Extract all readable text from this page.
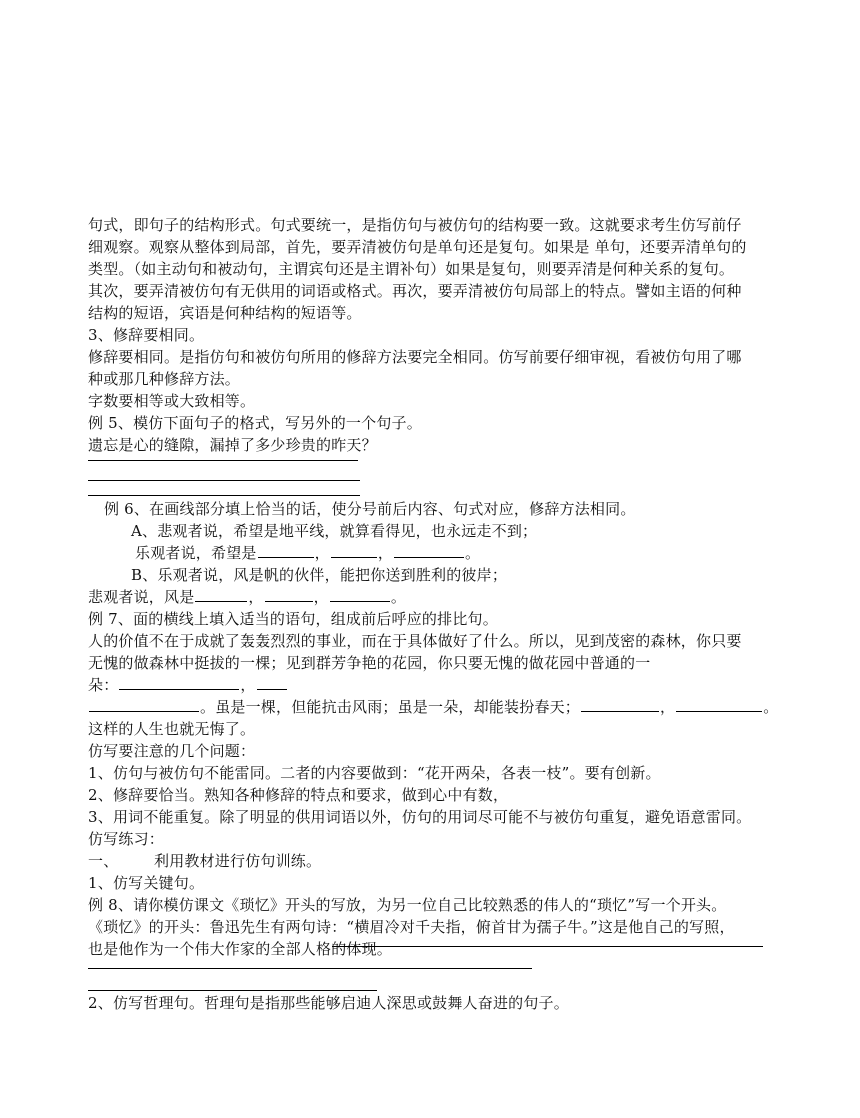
句式，即句子的结构形式。句式要统一，是指仿句与被仿句的结构要一致。这就要求考生仿写前仔
细观察。观察从整体到局部，首先，要弄清被仿句是单句还是复句。如果是 单句，还要弄清单句的
类型。（如主动句和被动句，主谓宾句还是主谓补句）如果是复句，则要弄清是何种关系的复句。
其次，要弄清被仿句有无供用的词语或格式。再次，要弄清被仿句局部上的特点。譬如主语的何种
结构的短语，宾语是何种结构的短语等。
3、修辞要相同。
修辞要相同。是指仿句和被仿句所用的修辞方法要完全相同。仿写前要仔细审视，看被仿句用了哪
种或那几种修辞方法。
字数要相等或大致相等。
例 5、模仿下面句子的格式，写另外的一个句子。
遗忘是心的缝隙，漏掉了多少珍贵的昨天？
例 6、在画线部分填上恰当的话，使分号前后内容、句式对应，修辞方法相同。
A、悲观者说，希望是地平线，就算看得见，也永远走不到；
乐观者说，希望是	，	，	。
B、乐观者说，风是帆的伙伴，能把你送到胜利的彼岸；
悲观者说，风是	，	，	。
例 7、面的横线上填入适当的语句，组成前后呼应的排比句。
人的价值不在于成就了轰轰烈烈的事业，而在于具体做好了什么。所以，见到茂密的森林，你只要
无愧的做森林中挺拔的一棵；见到群芳争艳的花园，你只要无愧的做花园中普通的一
朵：	，
。虽是一棵，但能抗击风雨；虽是一朵，却能装扮春天；	，	。
这样的人生也就无悔了。
仿写要注意的几个问题：
1、仿句与被仿句不能雷同。二者的内容要做到：“花开两朵，各表一枝”。要有创新。
2、修辞要恰当。熟知各种修辞的特点和要求，做到心中有数，
3、用词不能重复。除了明显的供用词语以外，仿句的用词尽可能不与被仿句重复，避免语意雷同。
仿写练习：
一、 利用教材进行仿句训练。
1、仿写关键句。
例 8、请你模仿课文《琐忆》开头的写放，为另一位自己比较熟悉的伟人的“琐忆”写一个开头。
《琐忆》的开头：鲁迅先生有两句诗：“横眉冷对千夫指，俯首甘为孺子牛。”这是他自己的写照，
也是他作为一个伟大作家的全部人格的体现。
2、仿写哲理句。哲理句是指那些能够启迪人深思或鼓舞人奋进的句子。
